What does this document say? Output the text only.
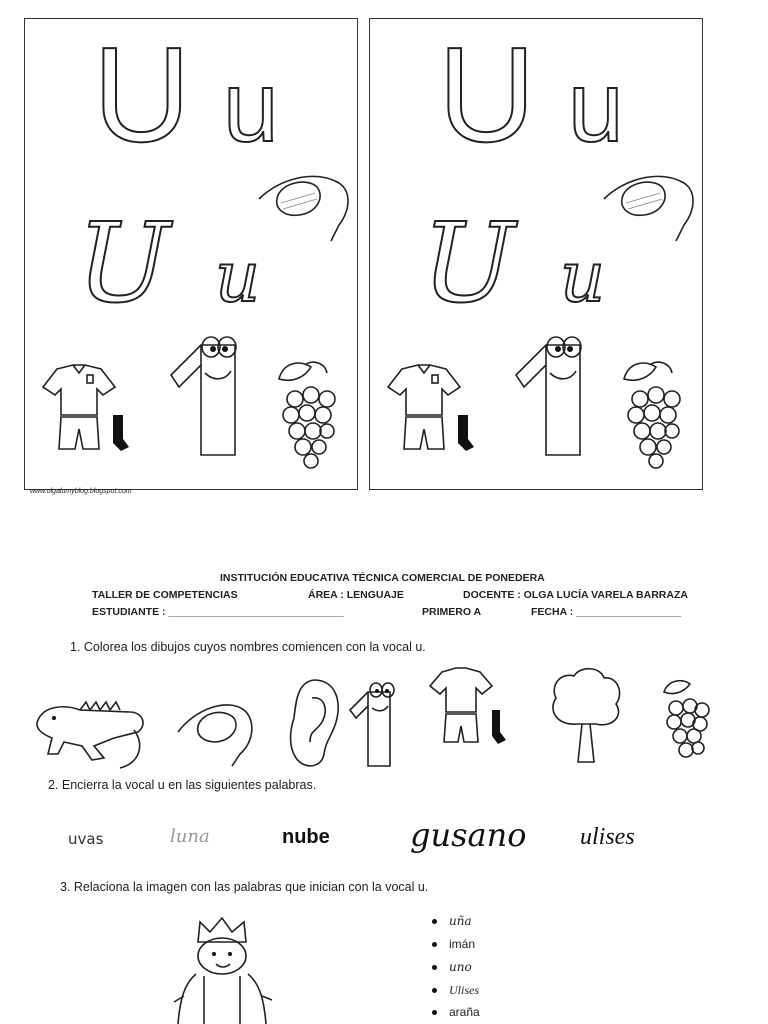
U u
U u
U u
U u
www.olgalumyblog.blogspot.com
INSTITUCIÓN EDUCATIVA TÉCNICA COMERCIAL DE PONEDERA
TALLER DE COMPETENCIAS	ÁREA : LENGUAJE	DOCENTE : OLGA LUCÍA VARELA BARRAZA
ESTUDIANTE : ______________________________	PRIMERO A	FECHA : __________________
1. Colorea los dibujos cuyos nombres comiencen con la vocal u.
2. Encierra la vocal u en las siguientes palabras.
uvas	luna	nube	gusano ulises
3. Relaciona la imagen con las palabras que inician con la vocal u.
uña
imán
uno
Ulises
araña
